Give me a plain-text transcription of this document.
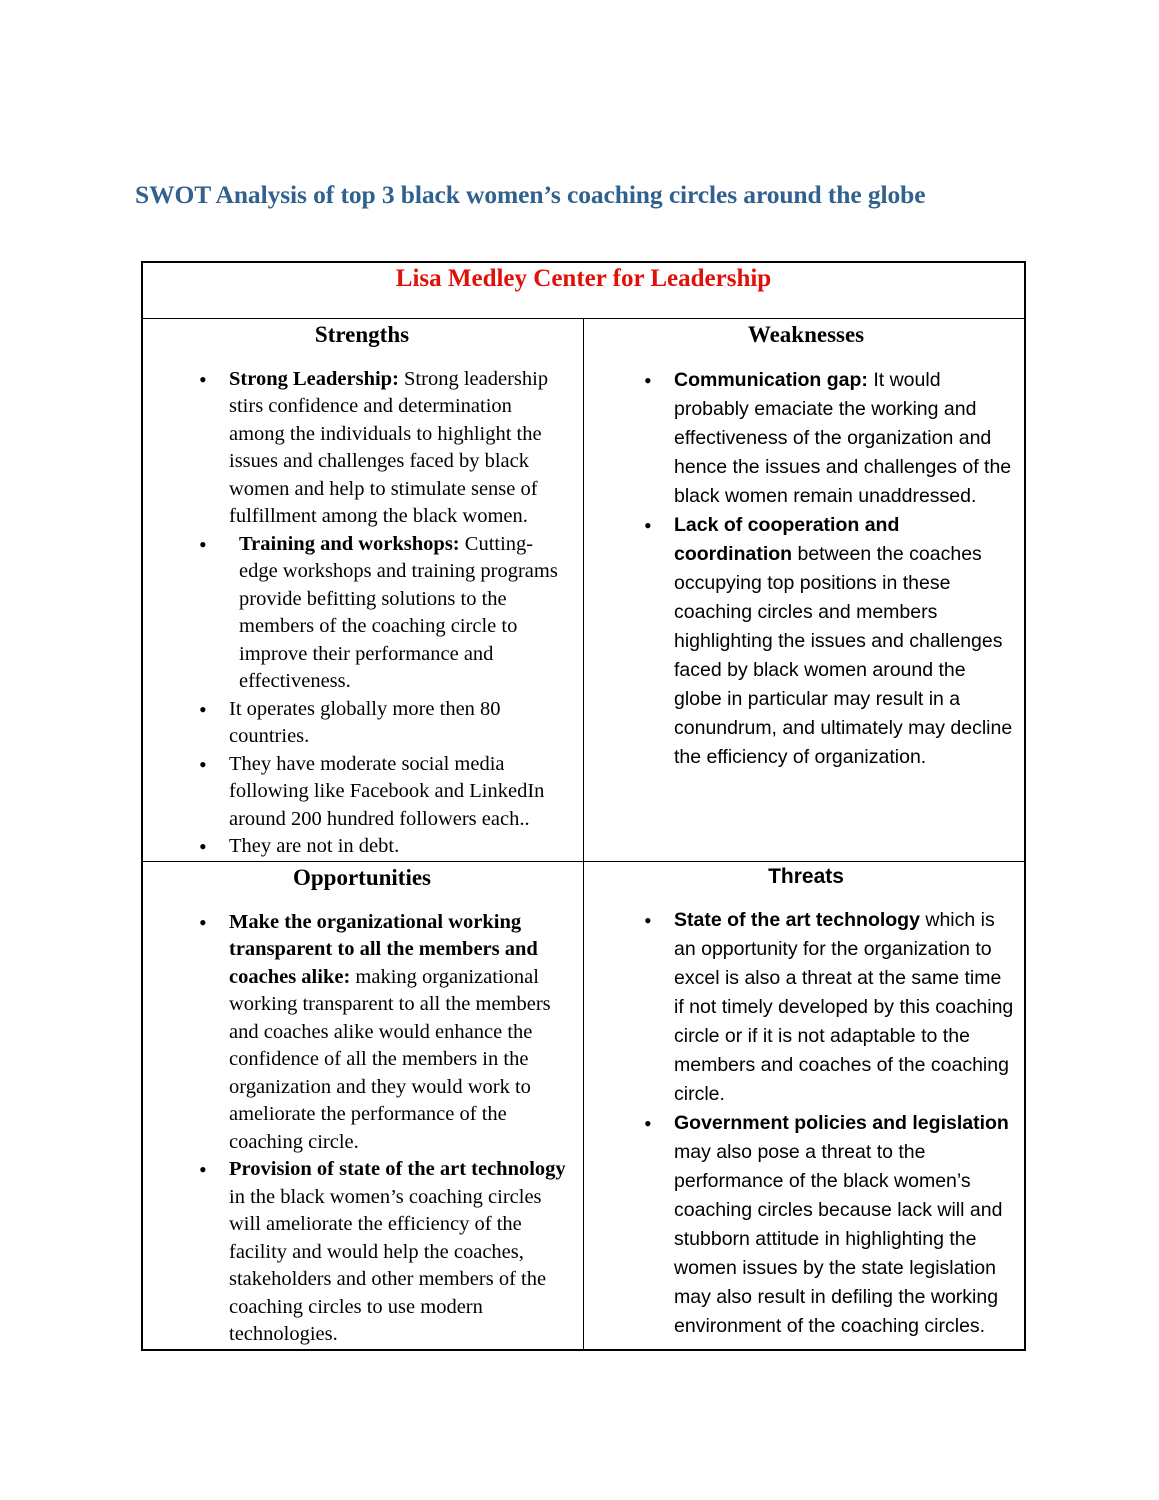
SWOT Analysis of top 3 black women’s coaching circles around the globe
Lisa Medley Center for Leadership	

Strengths
• Strong Leadership: Strong leadership stirs confidence and determination among the individuals to highlight the issues and challenges faced by black women and help to stimulate sense of fulfillment among the black women.
• Training and workshops: Cutting-edge workshops and training programs provide befitting solutions to the members of the coaching circle to improve their performance and effectiveness.
• It operates globally more then 80 countries.
• They have moderate social media following like Facebook and LinkedIn around 200 hundred followers each..
• They are not in debt.

Weaknesses
• Communication gap: It would probably emaciate the working and effectiveness of the organization and hence the issues and challenges of the black women remain unaddressed.
• Lack of cooperation and coordination between the coaches occupying top positions in these coaching circles and members highlighting the issues and challenges faced by black women around the globe in particular may result in a conundrum, and ultimately may decline the efficiency of organization.

Opportunities
• Make the organizational working transparent to all the members and coaches alike: making organizational working transparent to all the members and coaches alike would enhance the confidence of all the members in the organization and they would work to ameliorate the performance of the coaching circle.
• Provision of state of the art technology in the black women’s coaching circles will ameliorate the efficiency of the facility and would help the coaches, stakeholders and other members of the coaching circles to use modern technologies.

Threats
• State of the art technology which is an opportunity for the organization to excel is also a threat at the same time if not timely developed by this coaching circle or if it is not adaptable to the members and coaches of the coaching circle.
• Government policies and legislation may also pose a threat to the performance of the black women’s coaching circles because lack will and stubborn attitude in highlighting the women issues by the state legislation may also result in defiling the working environment of the coaching circles.
